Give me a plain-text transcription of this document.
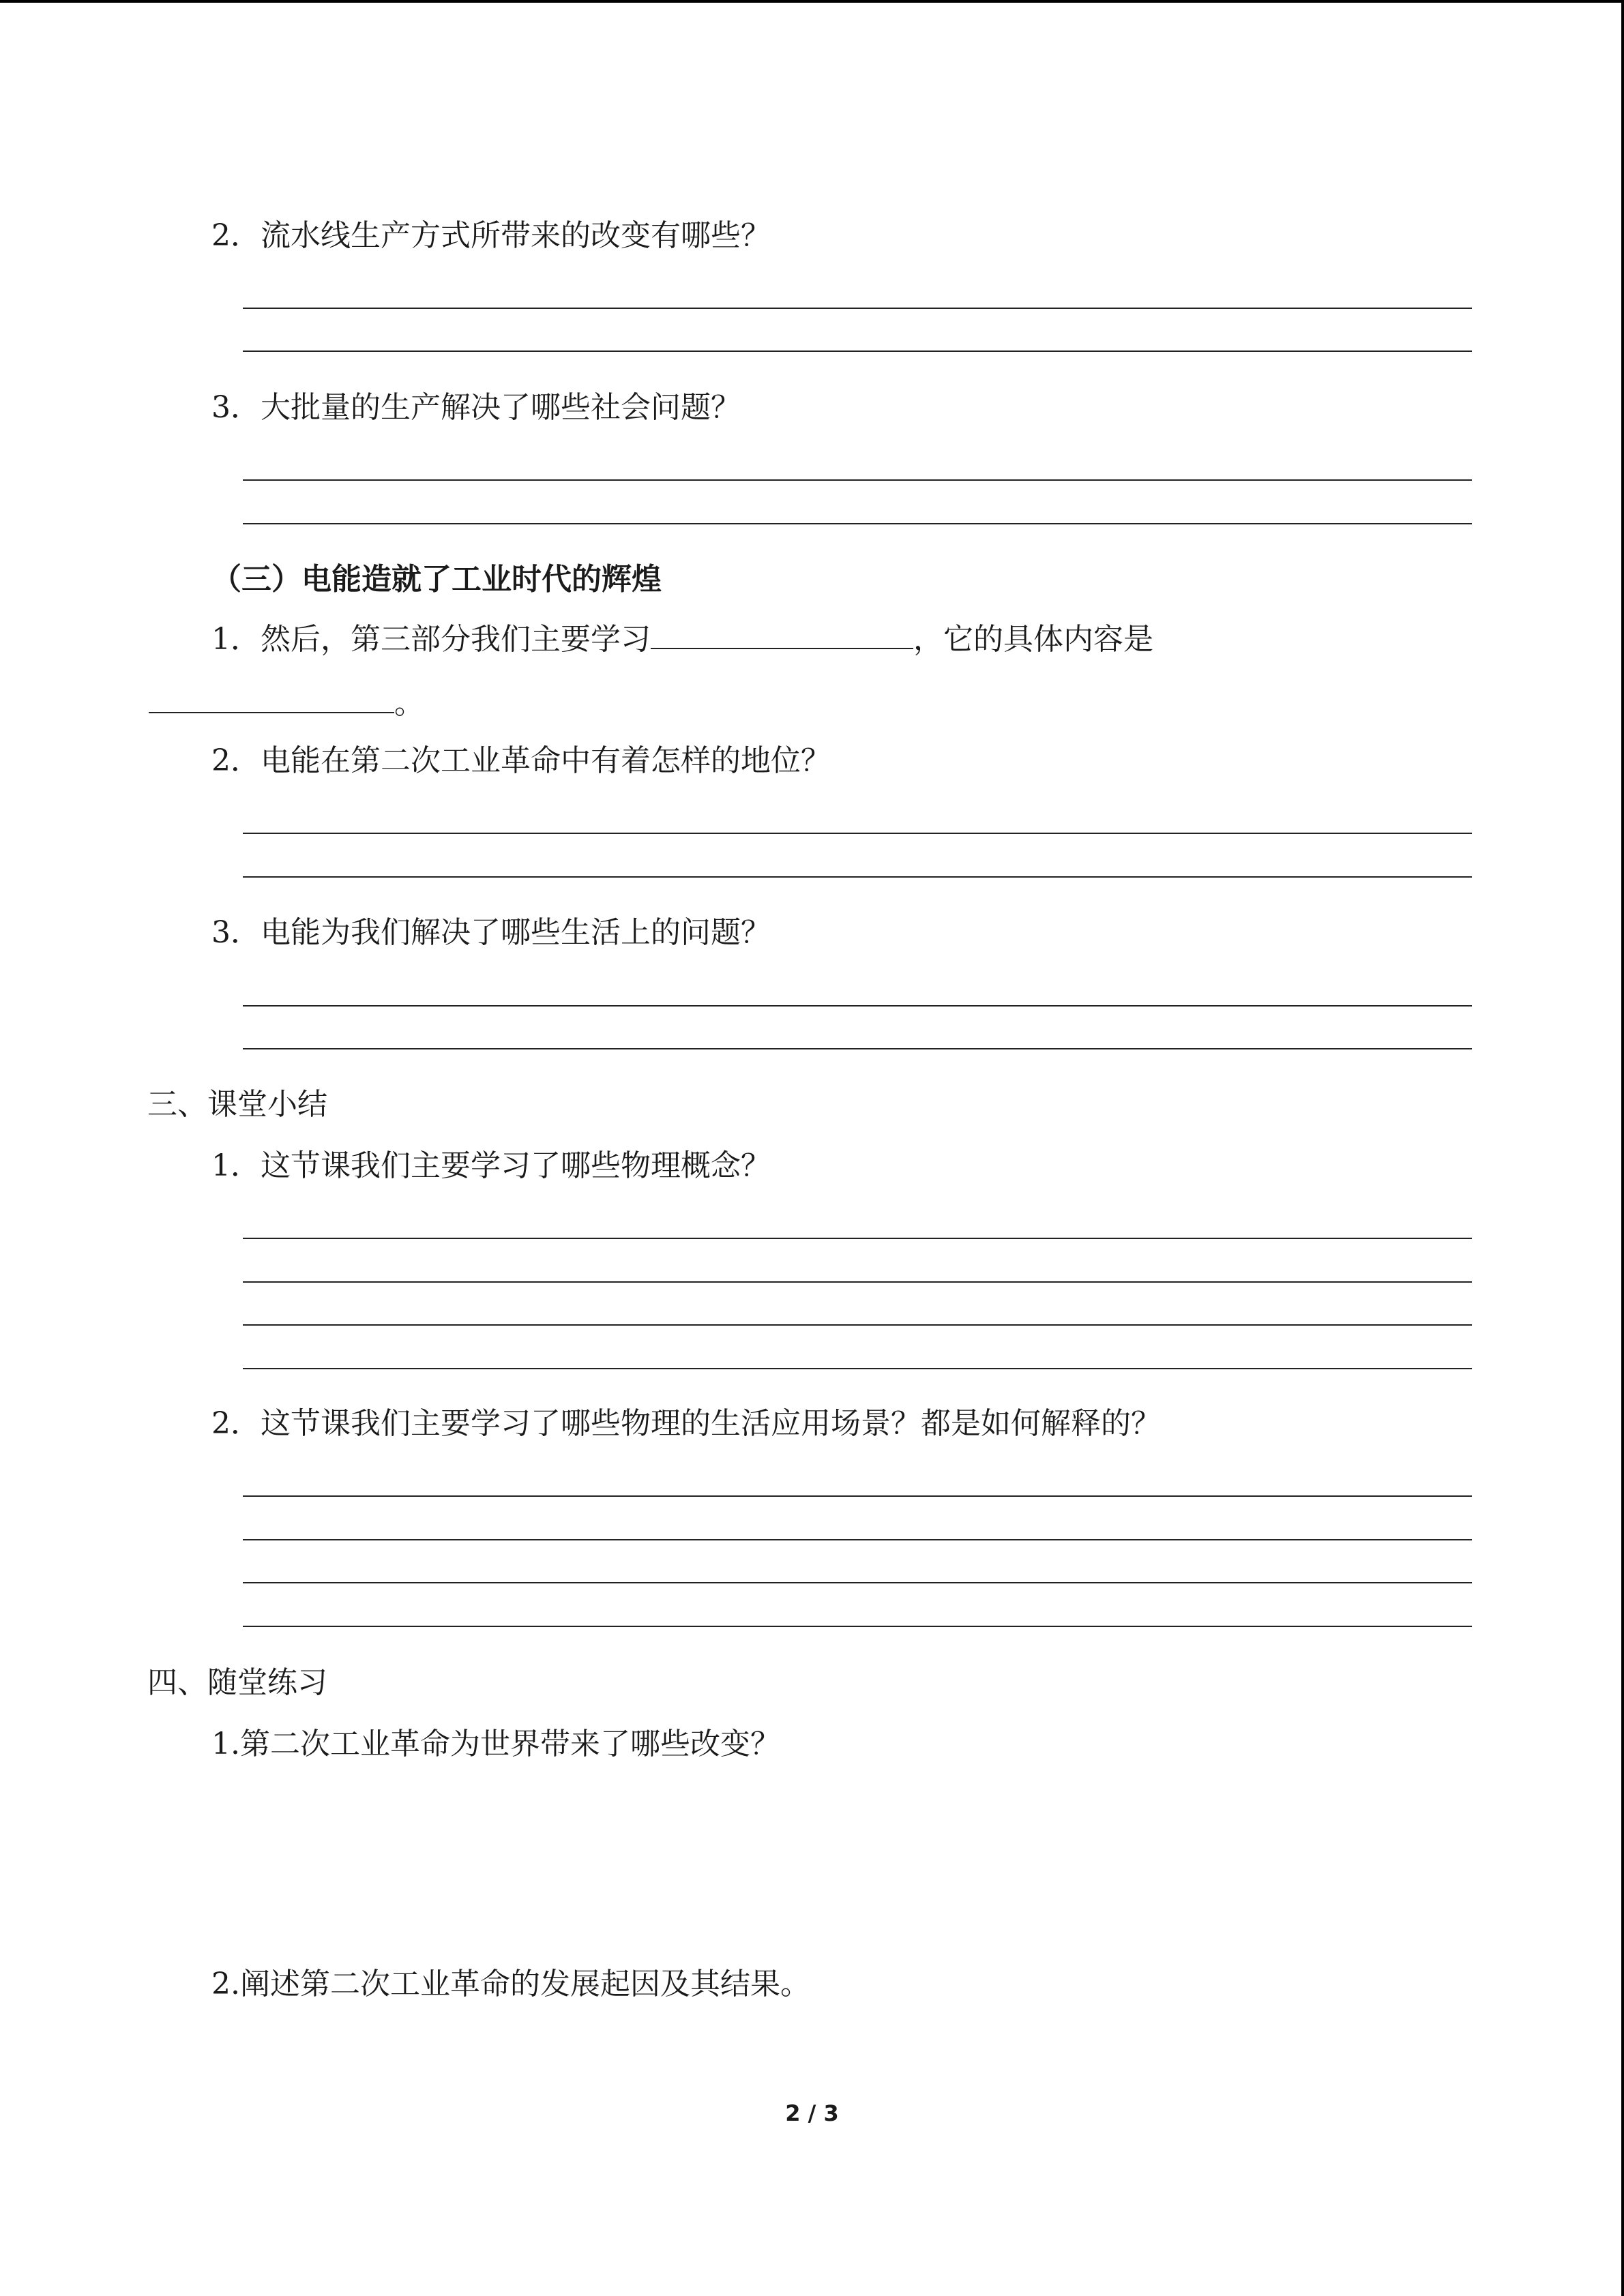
2．流水线生产方式所带来的改变有哪些？
3．大批量的生产解决了哪些社会问题？
（三）电能造就了工业时代的辉煌
1．然后，第三部分我们主要学习	，它的具体内容是
。
2．电能在第二次工业革命中有着怎样的地位？
3．电能为我们解决了哪些生活上的问题？
三、课堂小结
1．这节课我们主要学习了哪些物理概念？
2．这节课我们主要学习了哪些物理的生活应用场景？都是如何解释的？
四、随堂练习
1.第二次工业革命为世界带来了哪些改变？
2.阐述第二次工业革命的发展起因及其结果。
2 / 3
